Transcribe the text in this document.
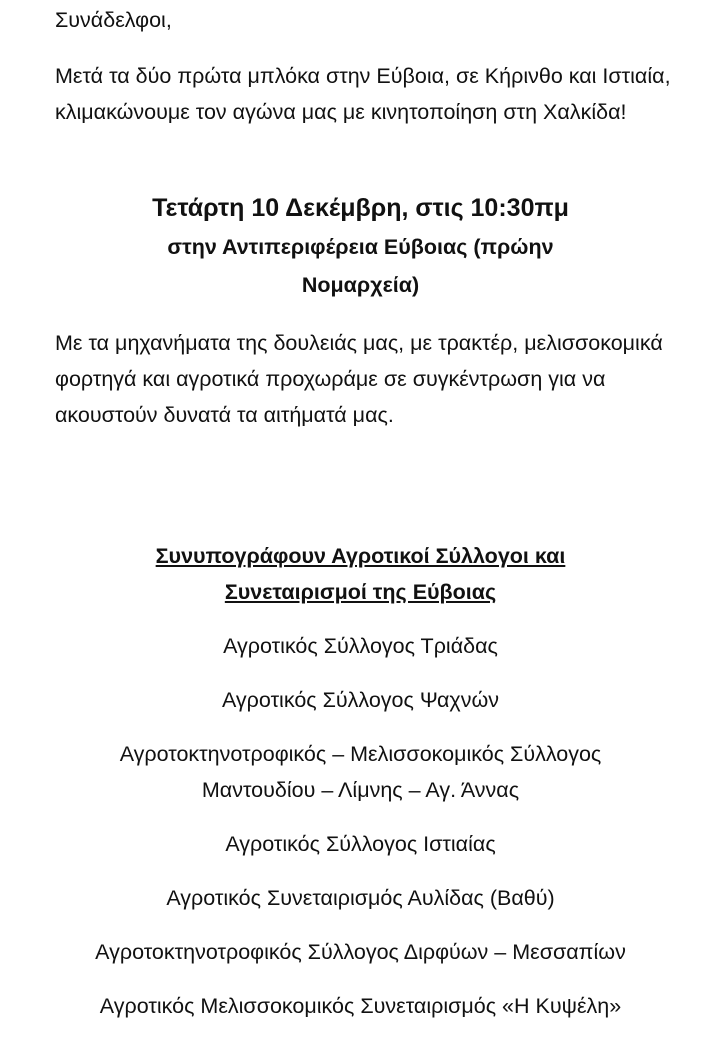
Συνάδελφοι,

Μετά τα δύο πρώτα μπλόκα στην Εύβοια, σε Κήρινθο και Ιστιαία, κλιμακώνουμε τον αγώνα μας με κινητοποίηση στη Χαλκίδα!

Τετάρτη 10 Δεκέμβρη, στις 10:30πμ

στην Αντιπεριφέρεια Εύβοιας (πρώην Νομαρχεία)

Με τα μηχανήματα της δουλειάς μας, με τρακτέρ, μελισσοκομικά φορτηγά και αγροτικά προχωράμε σε συγκέντρωση για να ακουστούν δυνατά τα αιτήματά μας.

Συνυπογράφουν Αγροτικοί Σύλλογοι και Συνεταιρισμοί της Εύβοιας

Αγροτικός Σύλλογος Τριάδας
Αγροτικός Σύλλογος Ψαχνών
Αγροτοκτηνοτροφικός – Μελισσοκομικός Σύλλογος Μαντουδίου – Λίμνης – Αγ. Άννας
Αγροτικός Σύλλογος Ιστιαίας
Αγροτικός Συνεταιρισμός Αυλίδας (Βαθύ)
Αγροτοκτηνοτροφικός Σύλλογος Διρφύων – Μεσσαπίων
Αγροτικός Μελισσοκομικός Συνεταιρισμός «Η Κυψέλη»
